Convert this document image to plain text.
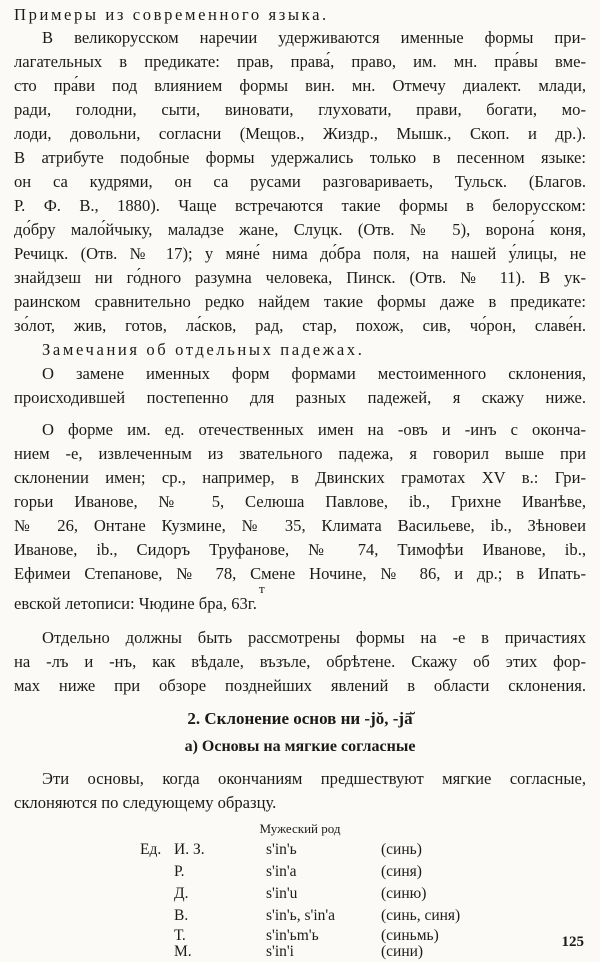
Примеры из современного языка.
В великорусском наречии удерживаются именные формы при-
лагательных в предикате: прав, права́, право, им. мн. пра́вы вме-
сто пра́ви под влиянием формы вин. мн. Отмечу диалект. млади,
ради, голодни, сыти, виновати, глуховати, прави, богати, мо-
лоди, довольни, согласни (Мещов., Жиздр., Мышк., Скоп. и др.).
В атрибуте подобные формы удержались только в песенном языке:
он са кудрями, он са русами разговариваеть, Тульск. (Благов.
Р. Ф. В., 1880). Чаще встречаются такие формы в белорусском:
до́бру мало́йчыку, маладзе жане, Слуцк. (Отв. № 5), ворона́ коня,
Речицк. (Отв. № 17); у мяне́ нима до́бра поля, на нашей у́лицы, не
знайдзеш ни го́дного разумна человека, Пинск. (Отв. № 11). В ук-
раинском сравнительно редко найдем такие формы даже в предикате:
зо́лот, жив, готов, ла́сков, рад, стар, похож, сив, чо́рон, славе́н.
Замечания об отдельных падежах.
О замене именных форм формами местоименного склонения,
происходившей постепенно для разных падежей, я скажу ниже.
О форме им. ед. отечественных имен на -овъ и -инъ с оконча-
нием -е, извлеченным из звательного падежа, я говорил выше при
склонении имен; ср., например, в Двинских грамотах XV в.: Гри-
горьи Иванове, № 5, Селюша Павлове, ib., Грихне Иванѣве,
№ 26, Онтане Кузмине, № 35, Климата Васильеве, ib., Зѣновеи
Иванове, ib., Сидоръ Труфанове, № 74, Тимофѣи Иванове, ib.,
Ефимеи Степанове, № 78, Смене Ночине, № 86, и др.; в Ипать-
т
евской летописи: Чюдине бра, 63г.
Отдельно должны быть рассмотрены формы на -е в причастиях
на -лъ и -нъ, как вѣдале, възъле, обрѣтене. Скажу об этих фор-
мах ниже при обзоре позднейших явлений в области склонения.
2. Склонение основ ни -jŏ, -jā̆
а) Основы на мягкие согласные
Эти основы, когда окончаниям предшествуют мягкие согласные,
склоняются по следующему образцу.
Мужеский род
Ед. И. З.	s'in'ь	(синь)
Р.	s'in'a	(синя)
Д.	s'in'u	(синю)
В.	s'in'ь, s'in'a	(синь, синя)
Т.	s'in'ьm'ь	(синьмь)
М.	s'in'i	(сини)
125
